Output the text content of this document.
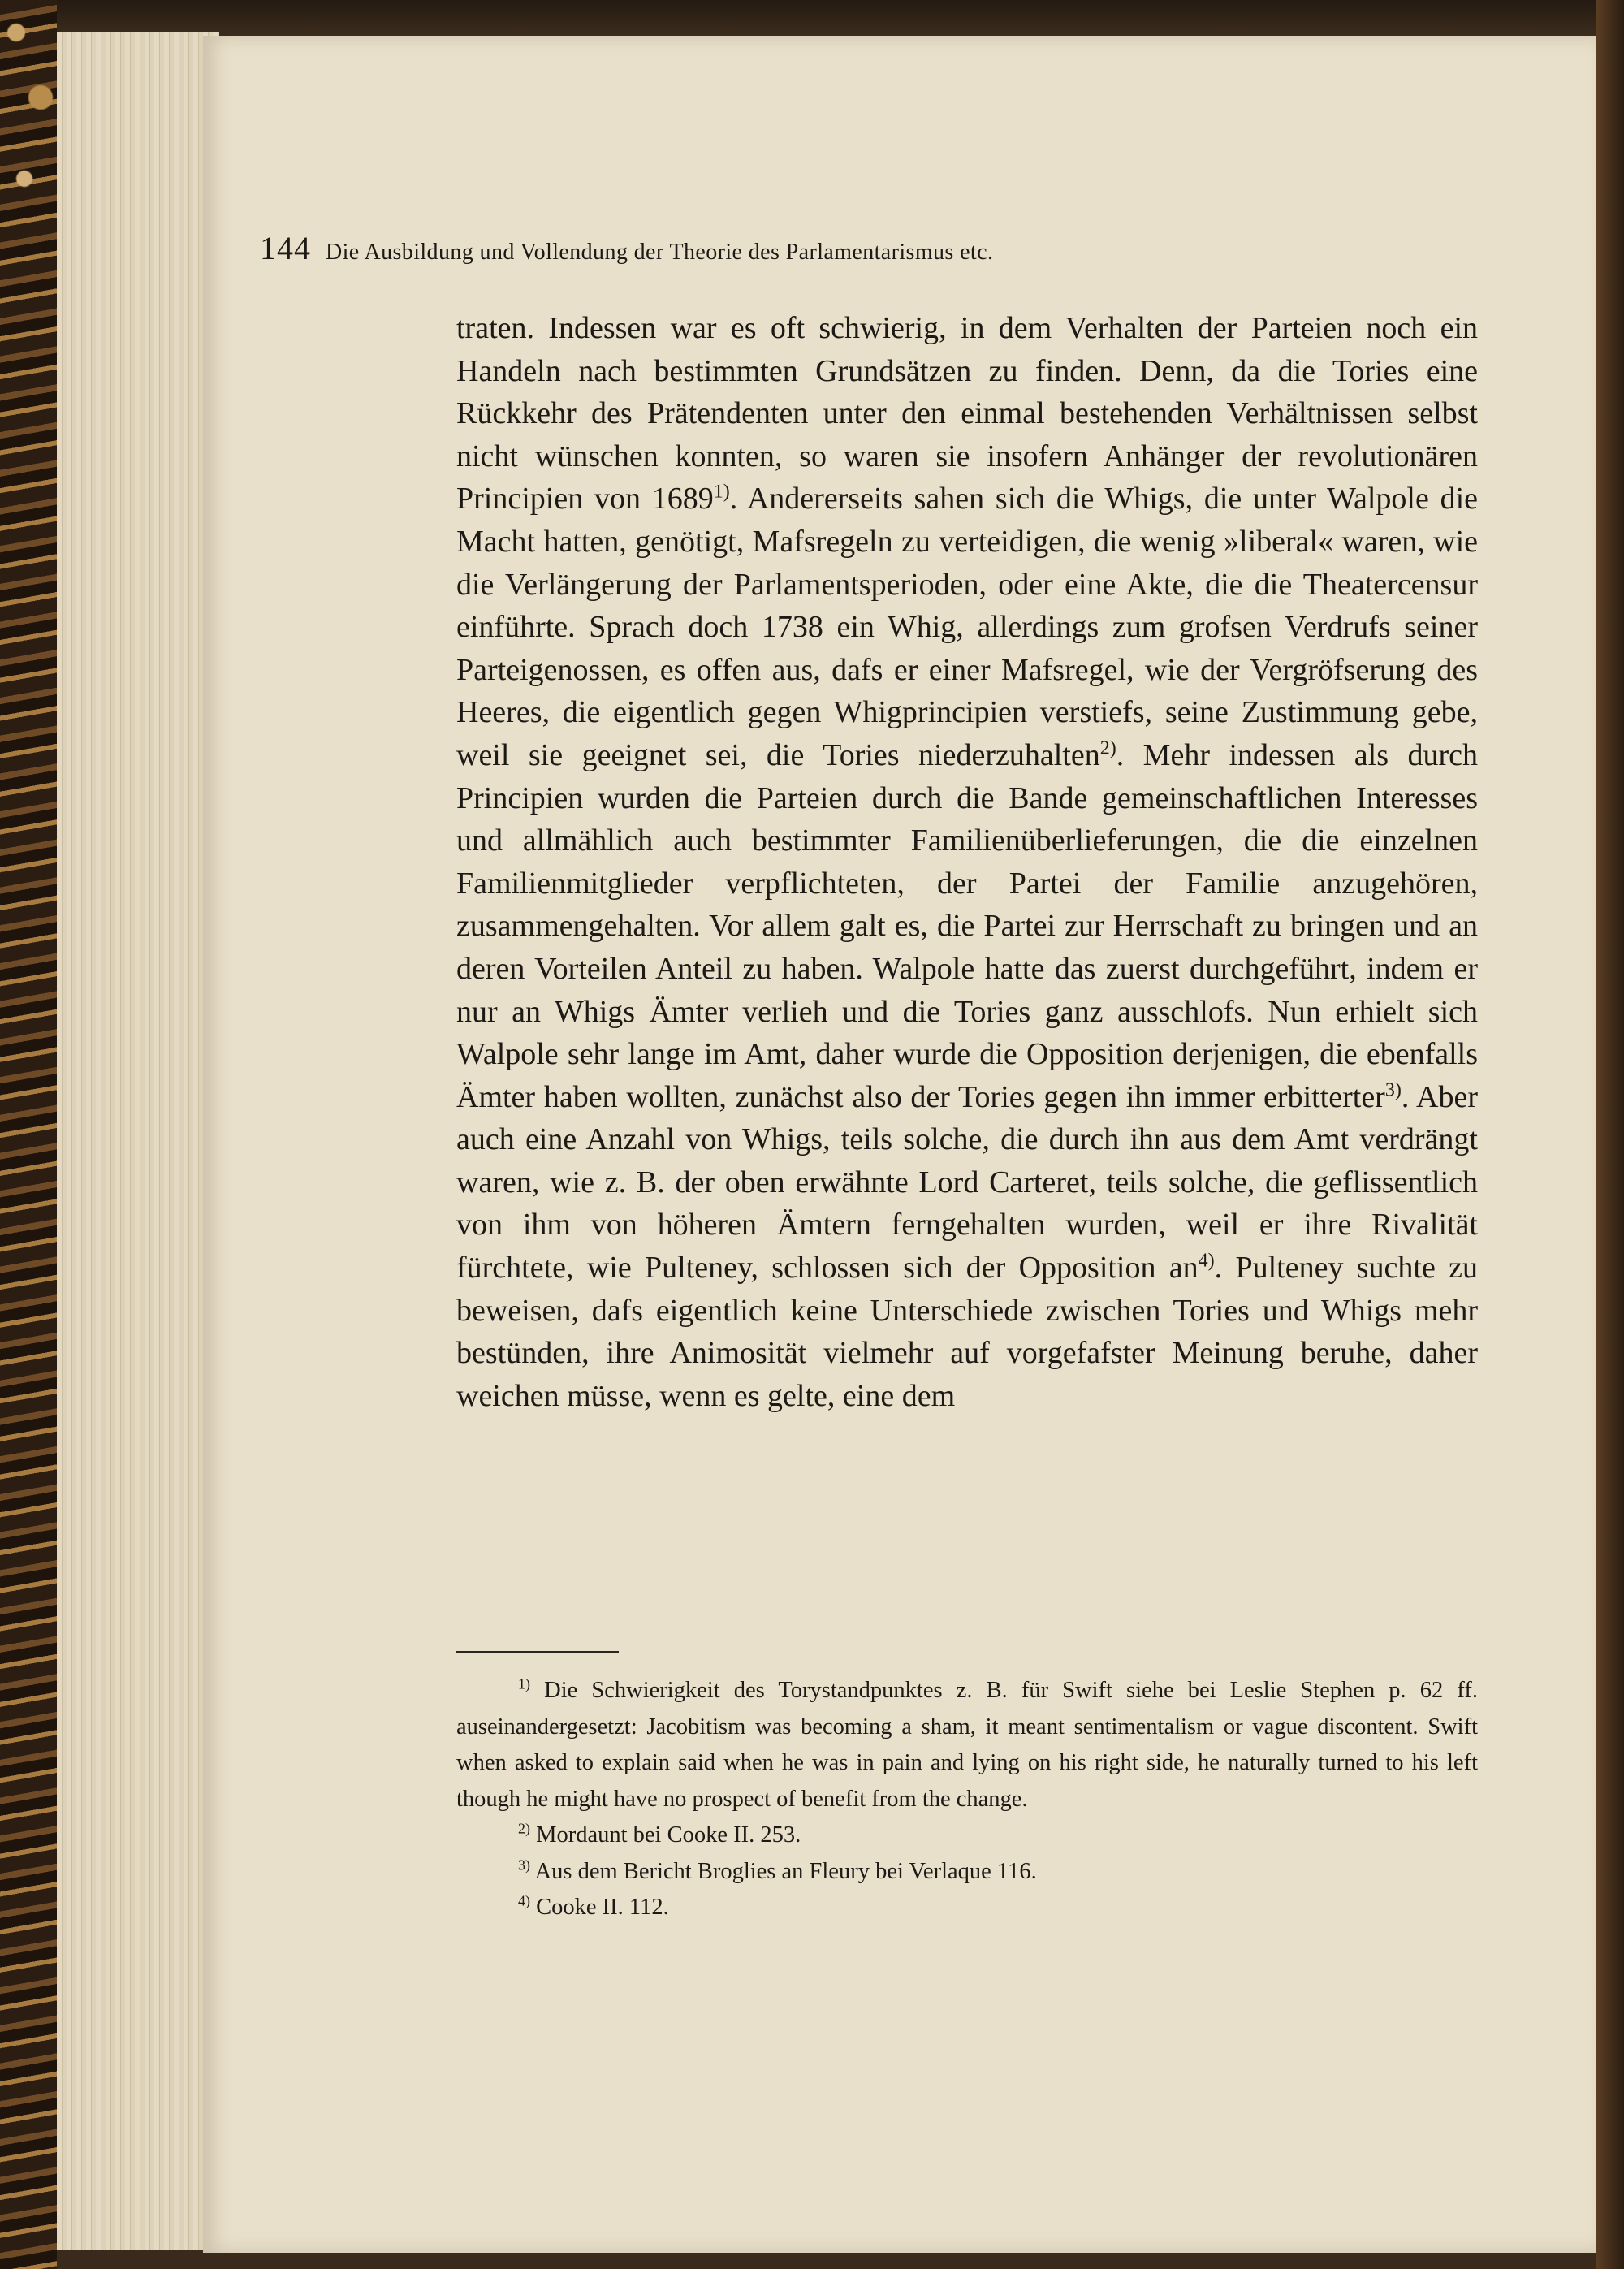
144 Die Ausbildung und Vollendung der Theorie des Parlamentarismus etc.

traten. Indessen war es oft schwierig, in dem Verhalten der Parteien noch ein Handeln nach bestimmten Grundsätzen zu finden. Denn, da die Tories eine Rückkehr des Prätendenten unter den einmal bestehenden Verhältnissen selbst nicht wünschen konnten, so waren sie insofern Anhänger der revolutionären Principien von 1689$^{1)}$. Andererseits sahen sich die Whigs, die unter Walpole die Macht hatten, genötigt, Mafsregeln zu verteidigen, die wenig »liberal« waren, wie die Verlängerung der Parlamentsperioden, oder eine Akte, die die Theatercensur einführte. Sprach doch 1738 ein Whig, allerdings zum grofsen Verdrufs seiner Parteigenossen, es offen aus, dafs er einer Mafsregel, wie der Vergröfserung des Heeres, die eigentlich gegen Whigprincipien verstiefs, seine Zustimmung gebe, weil sie geeignet sei, die Tories niederzuhalten$^{2)}$. Mehr indessen als durch Principien wurden die Parteien durch die Bande gemeinschaftlichen Interesses und allmählich auch bestimmter Familienüberlieferungen, die die einzelnen Familienmitglieder verpflichteten, der Partei der Familie anzugehören, zusammengehalten. Vor allem galt es, die Partei zur Herrschaft zu bringen und an deren Vorteilen Anteil zu haben. Walpole hatte das zuerst durchgeführt, indem er nur an Whigs Ämter verlieh und die Tories ganz ausschlofs. Nun erhielt sich Walpole sehr lange im Amt, daher wurde die Opposition derjenigen, die ebenfalls Ämter haben wollten, zunächst also der Tories gegen ihn immer erbitterter$^{3)}$. Aber auch eine Anzahl von Whigs, teils solche, die durch ihn aus dem Amt verdrängt waren, wie z. B. der oben erwähnte Lord Carteret, teils solche, die geflissentlich von ihm von höheren Ämtern ferngehalten wurden, weil er ihre Rivalität fürchtete, wie Pulteney, schlossen sich der Opposition $an^{4)}$. Pulteney suchte zu beweisen, dafs eigentlich keine Unterschiede zwischen Tories und Whigs mehr bestünden, ihre Animosität vielmehr auf vorgefafster Meinung beruhe, daher weichen müsse, wenn es gelte, eine dem

$^{1)}$ Die Schwierigkeit des Torystandpunktes z. B. für Swift siehe bei Leslie Stephen p. 62 ff. auseinandergesetzt: Jacobitism was becoming a sham, it meant sentimentalism or vague discontent. Swift when asked to explain said when he was in pain and lying on his right side, he naturally turned to his left though he might have no prospect of benefit from the change.

$^{2)}$ Mordaunt bei Cooke II. 253.

$^{3)}$ Aus dem Bericht Broglies an Fleury bei Verlaque 116.

$^{4)}$ Cooke II. 112.
